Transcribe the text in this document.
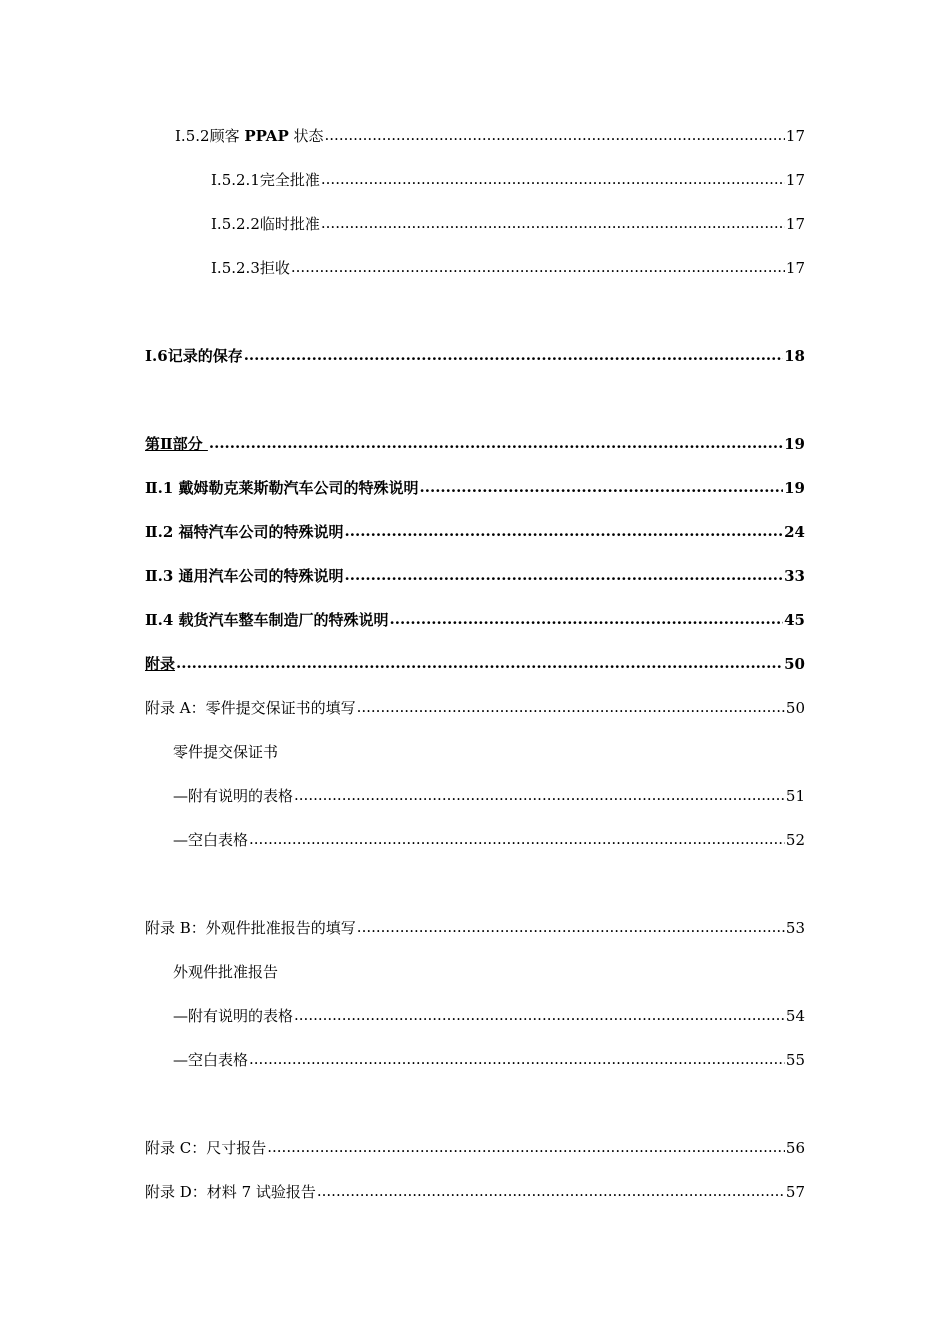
Ⅰ.5.2 顾客 PPAP 状态 .....	17
Ⅰ.5.2.1 完全批准 .....	17
Ⅰ.5.2.2 临时批准 .....	17
Ⅰ.5.2.3 拒收 .....	17
Ⅰ.6 记录的保存 .....	18
第Ⅱ部分 .....	19
Ⅱ.1 戴姆勒克莱斯勒汽车公司的特殊说明 .....	19
Ⅱ.2 福特汽车公司的特殊说明 .....	24
Ⅱ.3 通用汽车公司的特殊说明 .....	33
Ⅱ.4 载货汽车整车制造厂的特殊说明 .....	45
附录 .....	50
附录 A：零件提交保证书的填写 .....	50
零件提交保证书
—附有说明的表格 .....	51
—空白表格 .....	52
附录 B：外观件批准报告的填写 .....	53
外观件批准报告
—附有说明的表格 .....	54
—空白表格 .....	55
附录 C：尺寸报告 .....	56
附录 D：材料 7 试验报告 .....	57
